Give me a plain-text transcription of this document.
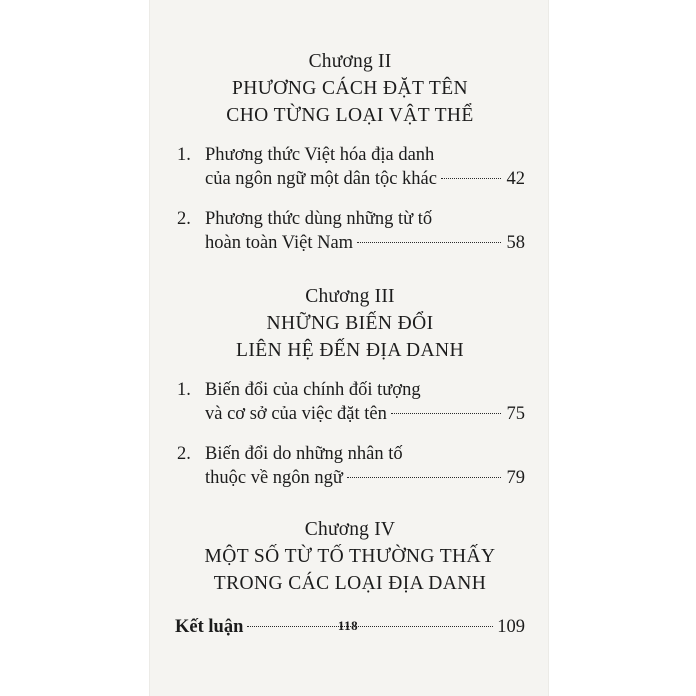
Chương II
PHƯƠNG CÁCH ĐẶT TÊN
CHO TỪNG LOẠI VẬT THỂ
1. Phương thức Việt hóa địa danh
của ngôn ngữ một dân tộc khác	42
2. Phương thức dùng những từ tố
hoàn toàn Việt Nam	58
Chương III
NHỮNG BIẾN ĐỔI
LIÊN HỆ ĐẾN ĐỊA DANH
1. Biến đổi của chính đối tượng
và cơ sở của việc đặt tên	75
2. Biến đổi do những nhân tố
thuộc về ngôn ngữ	79
Chương IV
MỘT SỐ TỪ TỐ THƯỜNG THẤY
TRONG CÁC LOẠI ĐỊA DANH
Kết luận	109
118
